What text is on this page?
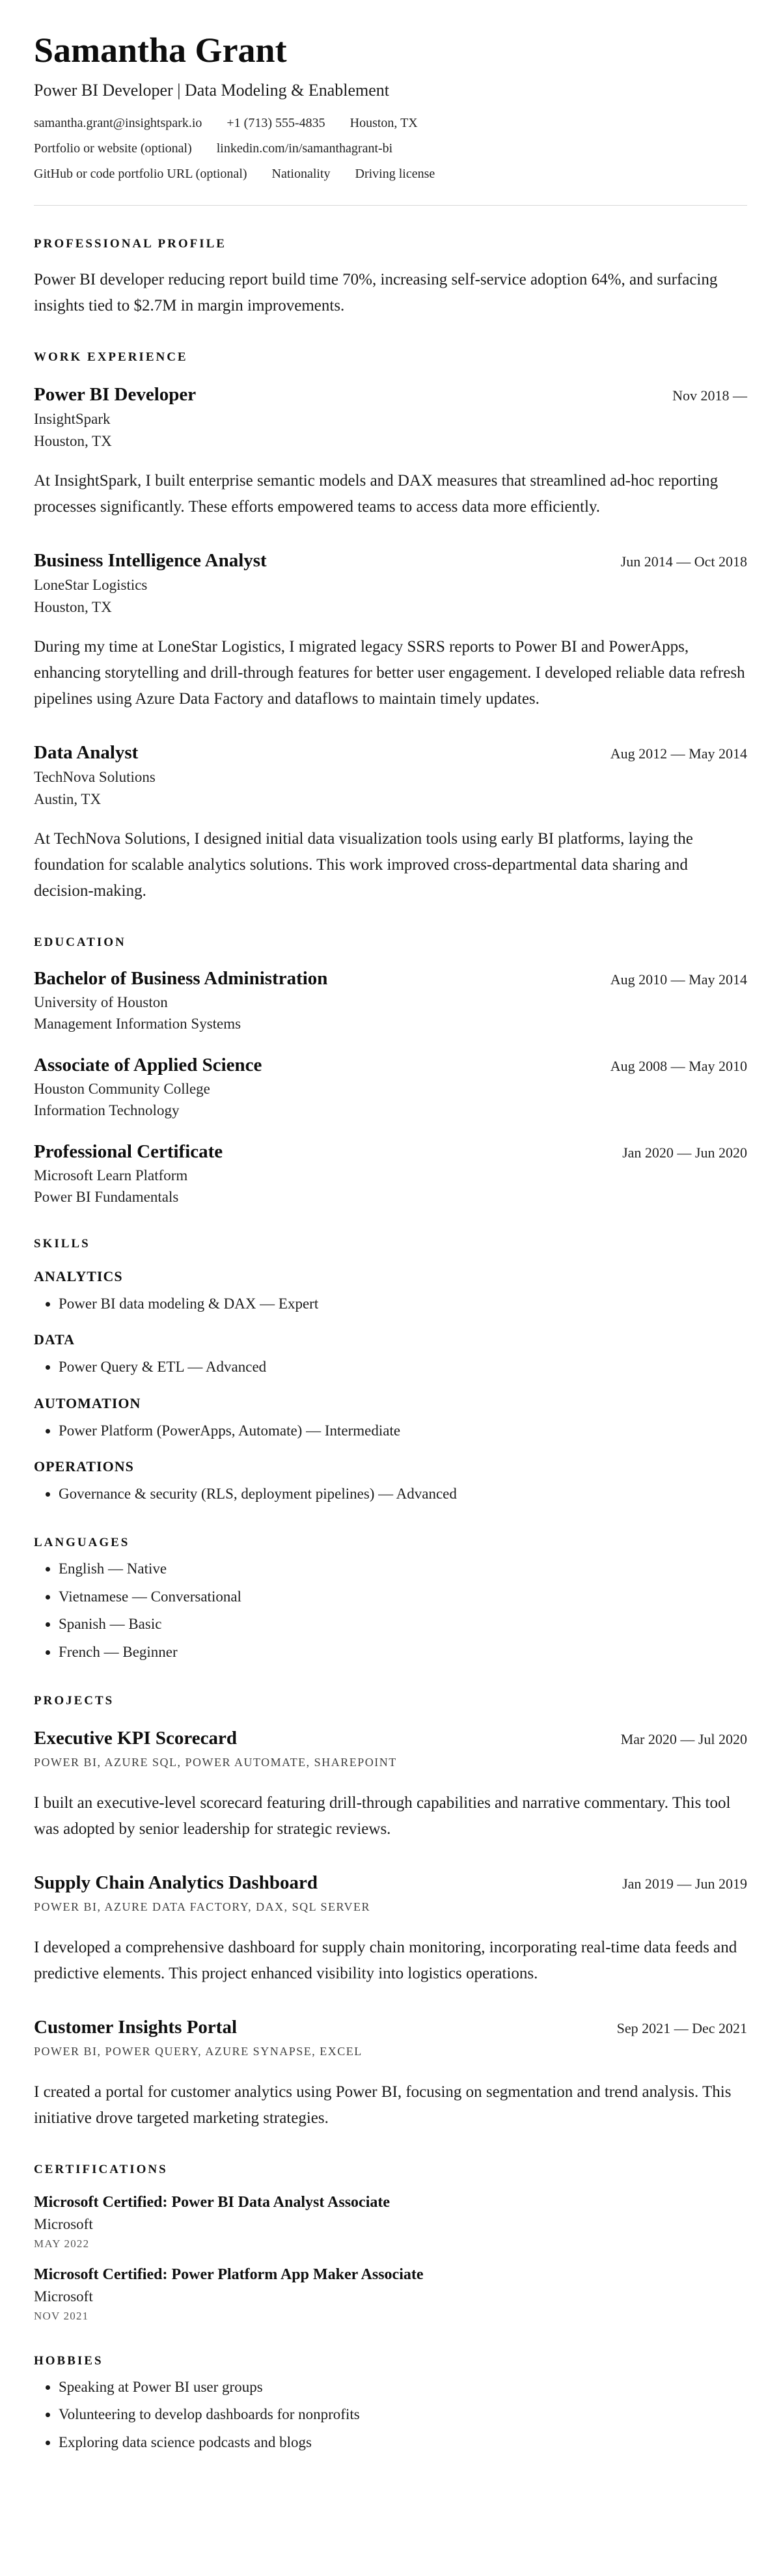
Samantha Grant
Power BI Developer | Data Modeling & Enablement
samantha.grant@insightspark.io +1 (713) 555-4835 Houston, TX
Portfolio or website (optional) linkedin.com/in/samanthagrant-bi
GitHub or code portfolio URL (optional) Nationality Driving license
PROFESSIONAL PROFILE

Power BI developer reducing report build time 70%, increasing self-service adoption 64%, and surfacing insights tied to $2.7M in margin improvements.

WORK EXPERIENCE
Power BI Developer	Nov 2018 —
InsightSpark
Houston, TX

At InsightSpark, I built enterprise semantic models and DAX measures that streamlined ad-hoc reporting processes significantly. These efforts empowered teams to access data more efficiently.

Business Intelligence Analyst	Jun 2014 — Oct 2018
LoneStar Logistics
Houston, TX

During my time at LoneStar Logistics, I migrated legacy SSRS reports to Power BI and PowerApps, enhancing storytelling and drill-through features for better user engagement. I developed reliable data refresh pipelines using Azure Data Factory and dataflows to maintain timely updates.

Data Analyst	Aug 2012 — May 2014
TechNova Solutions
Austin, TX

At TechNova Solutions, I designed initial data visualization tools using early BI platforms, laying the foundation for scalable analytics solutions. This work improved cross-departmental data sharing and decision-making.

EDUCATION
Bachelor of Business Administration	Aug 2010 — May 2014
University of Houston
Management Information Systems
Associate of Applied Science	Aug 2008 — May 2010
Houston Community College
Information Technology
Professional Certificate	Jan 2020 — Jun 2020
Microsoft Learn Platform
Power BI Fundamentals
SKILLS
ANALYTICS
• Power BI data modeling & DAX — Expert
DATA
• Power Query & ETL — Advanced
AUTOMATION
• Power Platform (PowerApps, Automate) — Intermediate
OPERATIONS
• Governance & security (RLS, deployment pipelines) — Advanced
LANGUAGES
• English — Native
• Vietnamese — Conversational
• Spanish — Basic
• French — Beginner
PROJECTS
Executive KPI Scorecard	Mar 2020 — Jul 2020
POWER BI, AZURE SQL, POWER AUTOMATE, SHAREPOINT

I built an executive-level scorecard featuring drill-through capabilities and narrative commentary. This tool was adopted by senior leadership for strategic reviews.

Supply Chain Analytics Dashboard	Jan 2019 — Jun 2019
POWER BI, AZURE DATA FACTORY, DAX, SQL SERVER

I developed a comprehensive dashboard for supply chain monitoring, incorporating real-time data feeds and predictive elements. This project enhanced visibility into logistics operations.

Customer Insights Portal	Sep 2021 — Dec 2021
POWER BI, POWER QUERY, AZURE SYNAPSE, EXCEL

I created a portal for customer analytics using Power BI, focusing on segmentation and trend analysis. This initiative drove targeted marketing strategies.

CERTIFICATIONS
Microsoft Certified: Power BI Data Analyst Associate
Microsoft
MAY 2022
Microsoft Certified: Power Platform App Maker Associate
Microsoft
NOV 2021
HOBBIES
• Speaking at Power BI user groups
• Volunteering to develop dashboards for nonprofits
• Exploring data science podcasts and blogs
